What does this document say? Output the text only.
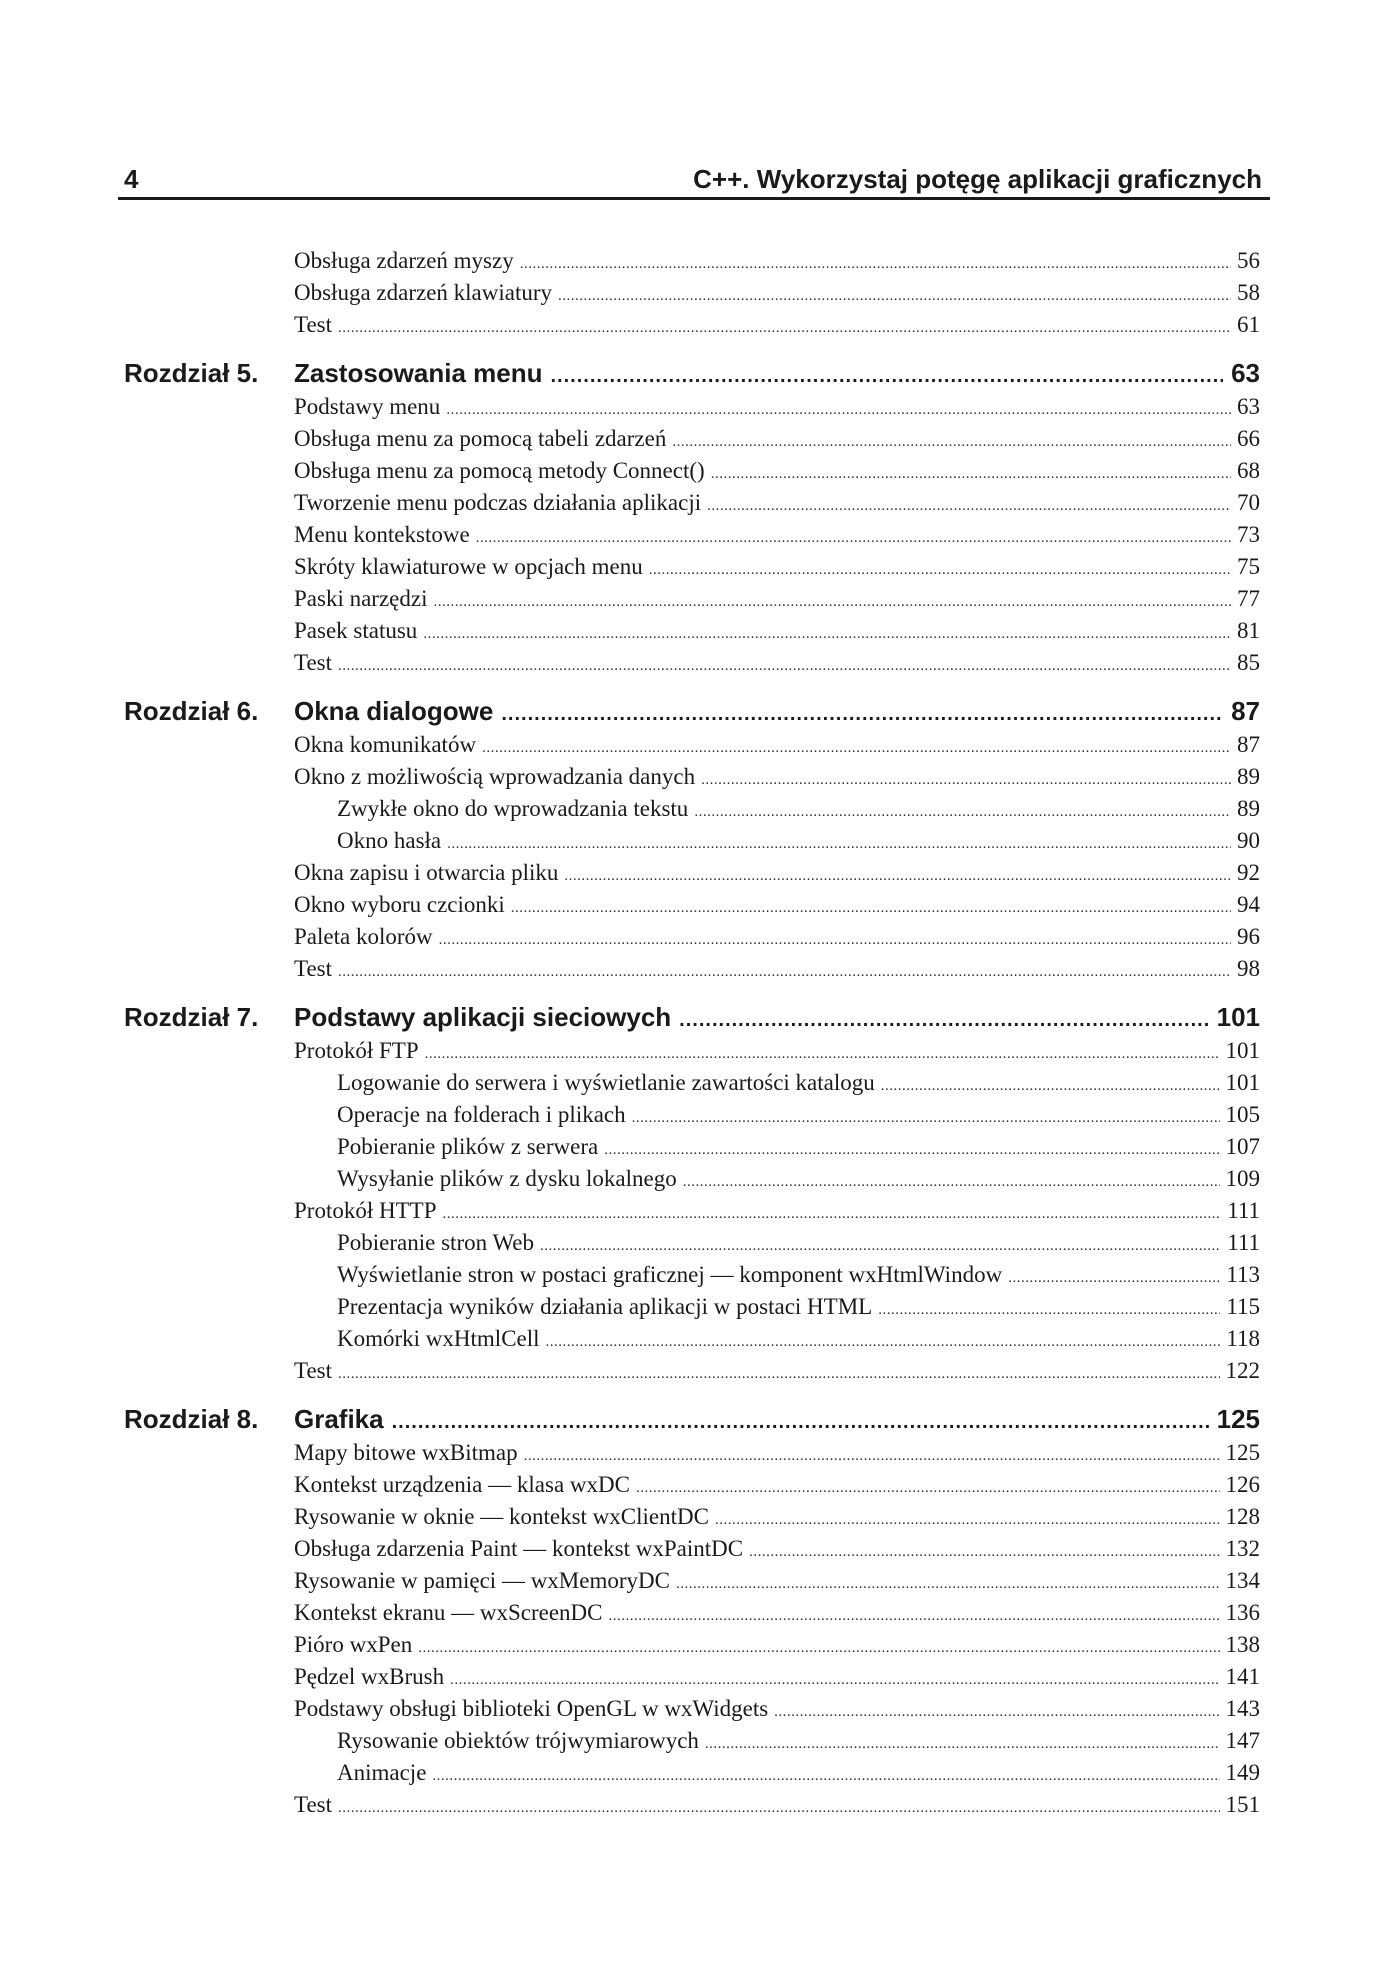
4	C++. Wykorzystaj potęgę aplikacji graficznych
Obsługa zdarzeń myszy .....	56
Obsługa zdarzeń klawiatury .....	58
Test .....	61
Rozdział 5. Zastosowania menu .....	63
Podstawy menu .....	63
Obsługa menu za pomocą tabeli zdarzeń .....	66
Obsługa menu za pomocą metody Connect() .....	68
Tworzenie menu podczas działania aplikacji .....	70
Menu kontekstowe .....	73
Skróty klawiaturowe w opcjach menu .....	75
Paski narzędzi .....	77
Pasek statusu .....	81
Test .....	85
Rozdział 6. Okna dialogowe .....	87
Okna komunikatów .....	87
Okno z możliwością wprowadzania danych .....	89
Zwykłe okno do wprowadzania tekstu .....	89
Okno hasła .....	90
Okna zapisu i otwarcia pliku .....	92
Okno wyboru czcionki .....	94
Paleta kolorów .....	96
Test .....	98
Rozdział 7. Podstawy aplikacji sieciowych .....	101
Protokół FTP .....	101
Logowanie do serwera i wyświetlanie zawartości katalogu .....	101
Operacje na folderach i plikach .....	105
Pobieranie plików z serwera .....	107
Wysyłanie plików z dysku lokalnego .....	109
Protokół HTTP .....	111
Pobieranie stron Web .....	111
Wyświetlanie stron w postaci graficznej — komponent wxHtmlWindow .....	113
Prezentacja wyników działania aplikacji w postaci HTML .....	115
Komórki wxHtmlCell .....	118
Test .....	122
Rozdział 8. Grafika .....	125
Mapy bitowe wxBitmap .....	125
Kontekst urządzenia — klasa wxDC .....	126
Rysowanie w oknie — kontekst wxClientDC .....	128
Obsługa zdarzenia Paint — kontekst wxPaintDC .....	132
Rysowanie w pamięci — wxMemoryDC .....	134
Kontekst ekranu — wxScreenDC .....	136
Pióro wxPen .....	138
Pędzel wxBrush .....	141
Podstawy obsługi biblioteki OpenGL w wxWidgets .....	143
Rysowanie obiektów trójwymiarowych .....	147
Animacje .....	149
Test .....	151
